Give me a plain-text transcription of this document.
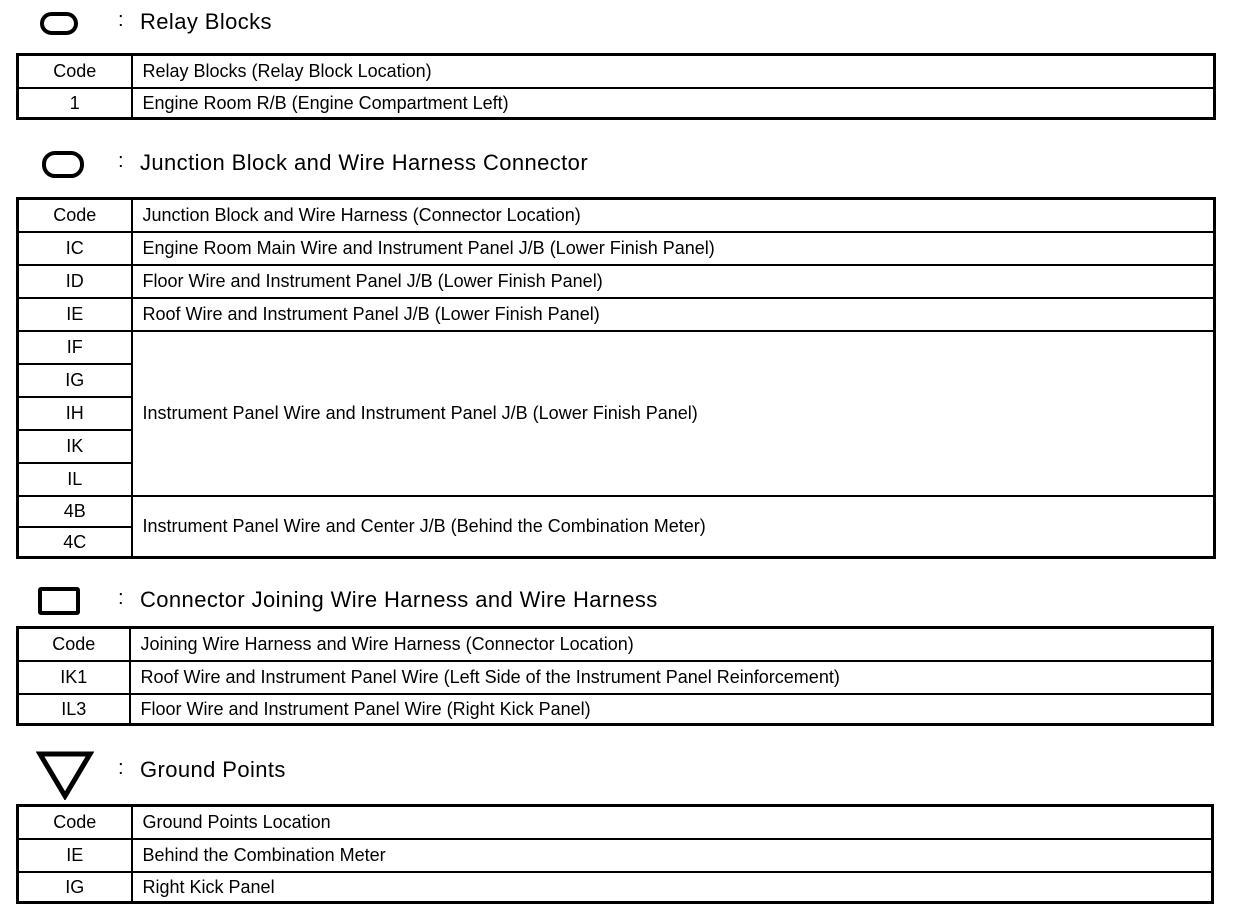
: Relay Blocks
Code	Relay Blocks (Relay Block Location)
1	Engine Room R/B (Engine Compartment Left)
: Junction Block and Wire Harness Connector
Code	Junction Block and Wire Harness (Connector Location)
IC	Engine Room Main Wire and Instrument Panel J/B (Lower Finish Panel)
ID	Floor Wire and Instrument Panel J/B (Lower Finish Panel)
IE	Roof Wire and Instrument Panel J/B (Lower Finish Panel)
IF	Instrument Panel Wire and Instrument Panel J/B (Lower Finish Panel)
IG	
IH	
IK	
IL	
4B	Instrument Panel Wire and Center J/B (Behind the Combination Meter)
4C	
: Connector Joining Wire Harness and Wire Harness
Code	Joining Wire Harness and Wire Harness (Connector Location)
IK1	Roof Wire and Instrument Panel Wire (Left Side of the Instrument Panel Reinforcement)
IL3	Floor Wire and Instrument Panel Wire (Right Kick Panel)
: Ground Points
Code	Ground Points Location
IE	Behind the Combination Meter
IG	Right Kick Panel
